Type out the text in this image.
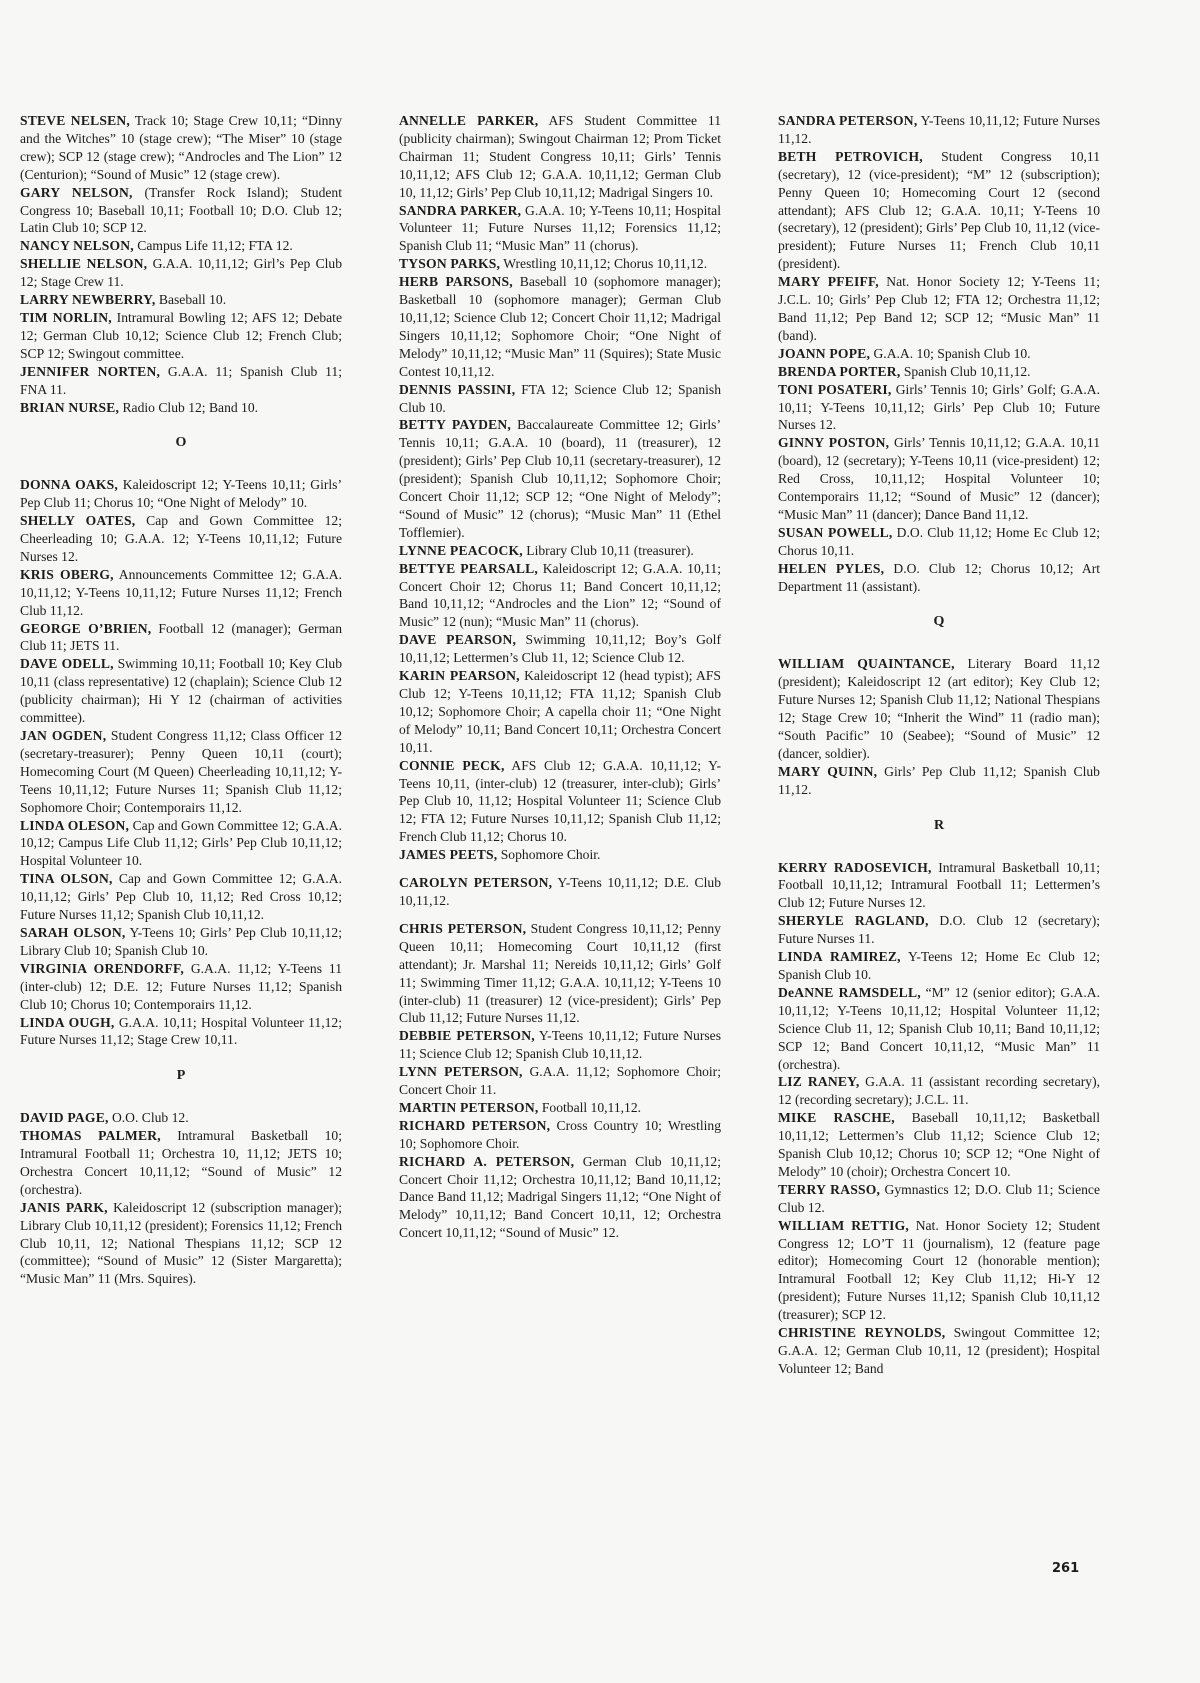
STEVE NELSEN, Track 10; Stage Crew 10,11; “Dinny and the Witches” 10 (stage crew); “The Miser” 10 (stage crew); SCP 12 (stage crew); “Androcles and The Lion” 12 (Centurion); “Sound of Music” 12 (stage crew).

GARY NELSON, (Transfer Rock Island); Student Congress 10; Baseball 10,11; Football 10; D.O. Club 12; Latin Club 10; SCP 12.

NANCY NELSON, Campus Life 11,12; FTA 12.

SHELLIE NELSON, G.A.A. 10,11,12; Girl’s Pep Club 12; Stage Crew 11.

LARRY NEWBERRY, Baseball 10.

TIM NORLIN, Intramural Bowling 12; AFS 12; Debate 12; German Club 10,12; Science Club 12; French Club; SCP 12; Swingout committee.

JENNIFER NORTEN, G.A.A. 11; Spanish Club 11; FNA 11.

BRIAN NURSE, Radio Club 12; Band 10.

O

DONNA OAKS, Kaleidoscript 12; Y-Teens 10,11; Girls’ Pep Club 11; Chorus 10; “One Night of Melody” 10.

SHELLY OATES, Cap and Gown Committee 12; Cheerleading 10; G.A.A. 12; Y-Teens 10,11,12; Future Nurses 12.

KRIS OBERG, Announcements Committee 12; G.A.A. 10,11,12; Y-Teens 10,11,12; Future Nurses 11,12; French Club 11,12.

GEORGE O’BRIEN, Football 12 (manager); German Club 11; JETS 11.

DAVE ODELL, Swimming 10,11; Football 10; Key Club 10,11 (class representative) 12 (chaplain); Science Club 12 (publicity chairman); Hi Y 12 (chairman of activities committee).

JAN OGDEN, Student Congress 11,12; Class Officer 12 (secretary-treasurer); Penny Queen 10,11 (court); Homecoming Court (M Queen) Cheerleading 10,11,12; Y-Teens 10,11,12; Future Nurses 11; Spanish Club 11,12; Sophomore Choir; Contemporairs 11,12.

LINDA OLESON, Cap and Gown Committee 12; G.A.A. 10,12; Campus Life Club 11,12; Girls’ Pep Club 10,11,12; Hospital Volunteer 10.

TINA OLSON, Cap and Gown Committee 12; G.A.A. 10,11,12; Girls’ Pep Club 10, 11,12; Red Cross 10,12; Future Nurses 11,12; Spanish Club 10,11,12.

SARAH OLSON, Y-Teens 10; Girls’ Pep Club 10,11,12; Library Club 10; Spanish Club 10.

VIRGINIA ORENDORFF, G.A.A. 11,12; Y-Teens 11 (inter-club) 12; D.E. 12; Future Nurses 11,12; Spanish Club 10; Chorus 10; Contemporairs 11,12.

LINDA OUGH, G.A.A. 10,11; Hospital Volunteer 11,12; Future Nurses 11,12; Stage Crew 10,11.

P

DAVID PAGE, O.O. Club 12.

THOMAS PALMER, Intramural Basketball 10; Intramural Football 11; Orchestra 10, 11,12; JETS 10; Orchestra Concert 10,11,12; “Sound of Music” 12 (orchestra).

JANIS PARK, Kaleidoscript 12 (subscription manager); Library Club 10,11,12 (president); Forensics 11,12; French Club 10,11, 12; National Thespians 11,12; SCP 12 (committee); “Sound of Music” 12 (Sister Margaretta); “Music Man” 11 (Mrs. Squires).

ANNELLE PARKER, AFS Student Committee 11 (publicity chairman); Swingout Chairman 12; Prom Ticket Chairman 11; Student Congress 10,11; Girls’ Tennis 10,11,12; AFS Club 12; G.A.A. 10,11,12; German Club 10, 11,12; Girls’ Pep Club 10,11,12; Madrigal Singers 10.

SANDRA PARKER, G.A.A. 10; Y-Teens 10,11; Hospital Volunteer 11; Future Nurses 11,12; Forensics 11,12; Spanish Club 11; “Music Man” 11 (chorus).

TYSON PARKS, Wrestling 10,11,12; Chorus 10,11,12.

HERB PARSONS, Baseball 10 (sophomore manager); Basketball 10 (sophomore manager); German Club 10,11,12; Science Club 12; Concert Choir 11,12; Madrigal Singers 10,11,12; Sophomore Choir; “One Night of Melody” 10,11,12; “Music Man” 11 (Squires); State Music Contest 10,11,12.

DENNIS PASSINI, FTA 12; Science Club 12; Spanish Club 10.

BETTY PAYDEN, Baccalaureate Committee 12; Girls’ Tennis 10,11; G.A.A. 10 (board), 11 (treasurer), 12 (president); Girls’ Pep Club 10,11 (secretary-treasurer), 12 (president); Spanish Club 10,11,12; Sophomore Choir; Concert Choir 11,12; SCP 12; “One Night of Melody”; “Sound of Music” 12 (chorus); “Music Man” 11 (Ethel Tofflemier).

LYNNE PEACOCK, Library Club 10,11 (treasurer).

BETTYE PEARSALL, Kaleidoscript 12; G.A.A. 10,11; Concert Choir 12; Chorus 11; Band Concert 10,11,12; Band 10,11,12; “Androcles and the Lion” 12; “Sound of Music” 12 (nun); “Music Man” 11 (chorus).

DAVE PEARSON, Swimming 10,11,12; Boy’s Golf 10,11,12; Lettermen’s Club 11, 12; Science Club 12.

KARIN PEARSON, Kaleidoscript 12 (head typist); AFS Club 12; Y-Teens 10,11,12; FTA 11,12; Spanish Club 10,12; Sophomore Choir; A capella choir 11; “One Night of Melody” 10,11; Band Concert 10,11; Orchestra Concert 10,11.

CONNIE PECK, AFS Club 12; G.A.A. 10,11,12; Y-Teens 10,11, (inter-club) 12 (treasurer, inter-club); Girls’ Pep Club 10, 11,12; Hospital Volunteer 11; Science Club 12; FTA 12; Future Nurses 10,11,12; Spanish Club 11,12; French Club 11,12; Chorus 10.

JAMES PEETS, Sophomore Choir.

CAROLYN PETERSON, Y-Teens 10,11,12; D.E. Club 10,11,12.

CHRIS PETERSON, Student Congress 10,11,12; Penny Queen 10,11; Homecoming Court 10,11,12 (first attendant); Jr. Marshal 11; Nereids 10,11,12; Girls’ Golf 11; Swimming Timer 11,12; G.A.A. 10,11,12; Y-Teens 10 (inter-club) 11 (treasurer) 12 (vice-president); Girls’ Pep Club 11,12; Future Nurses 11,12.

DEBBIE PETERSON, Y-Teens 10,11,12; Future Nurses 11; Science Club 12; Spanish Club 10,11,12.

LYNN PETERSON, G.A.A. 11,12; Sophomore Choir; Concert Choir 11.

MARTIN PETERSON, Football 10,11,12.

RICHARD PETERSON, Cross Country 10; Wrestling 10; Sophomore Choir.

RICHARD A. PETERSON, German Club 10,11,12; Concert Choir 11,12; Orchestra 10,11,12; Band 10,11,12; Dance Band 11,12; Madrigal Singers 11,12; “One Night of Melody” 10,11,12; Band Concert 10,11, 12; Orchestra Concert 10,11,12; “Sound of Music” 12.

SANDRA PETERSON, Y-Teens 10,11,12; Future Nurses 11,12.

BETH PETROVICH, Student Congress 10,11 (secretary), 12 (vice-president); “M” 12 (subscription); Penny Queen 10; Homecoming Court 12 (second attendant); AFS Club 12; G.A.A. 10,11; Y-Teens 10 (secretary), 12 (president); Girls’ Pep Club 10, 11,12 (vice-president); Future Nurses 11; French Club 10,11 (president).

MARY PFEIFF, Nat. Honor Society 12; Y-Teens 11; J.C.L. 10; Girls’ Pep Club 12; FTA 12; Orchestra 11,12; Band 11,12; Pep Band 12; SCP 12; “Music Man” 11 (band).

JOANN POPE, G.A.A. 10; Spanish Club 10.

BRENDA PORTER, Spanish Club 10,11,12.

TONI POSATERI, Girls’ Tennis 10; Girls’ Golf; G.A.A. 10,11; Y-Teens 10,11,12; Girls’ Pep Club 10; Future Nurses 12.

GINNY POSTON, Girls’ Tennis 10,11,12; G.A.A. 10,11 (board), 12 (secretary); Y-Teens 10,11 (vice-president) 12; Red Cross, 10,11,12; Hospital Volunteer 10; Contemporairs 11,12; “Sound of Music” 12 (dancer); “Music Man” 11 (dancer); Dance Band 11,12.

SUSAN POWELL, D.O. Club 11,12; Home Ec Club 12; Chorus 10,11.

HELEN PYLES, D.O. Club 12; Chorus 10,12; Art Department 11 (assistant).

Q

WILLIAM QUAINTANCE, Literary Board 11,12 (president); Kaleidoscript 12 (art editor); Key Club 12; Future Nurses 12; Spanish Club 11,12; National Thespians 12; Stage Crew 10; “Inherit the Wind” 11 (radio man); “South Pacific” 10 (Seabee); “Sound of Music” 12 (dancer, soldier).

MARY QUINN, Girls’ Pep Club 11,12; Spanish Club 11,12.

R

KERRY RADOSEVICH, Intramural Basketball 10,11; Football 10,11,12; Intramural Football 11; Lettermen’s Club 12; Future Nurses 12.

SHERYLE RAGLAND, D.O. Club 12 (secretary); Future Nurses 11.

LINDA RAMIREZ, Y-Teens 12; Home Ec Club 12; Spanish Club 10.

DeANNE RAMSDELL, “M” 12 (senior editor); G.A.A. 10,11,12; Y-Teens 10,11,12; Hospital Volunteer 11,12; Science Club 11, 12; Spanish Club 10,11; Band 10,11,12; SCP 12; Band Concert 10,11,12, “Music Man” 11 (orchestra).

LIZ RANEY, G.A.A. 11 (assistant recording secretary), 12 (recording secretary); J.C.L. 11.

MIKE RASCHE, Baseball 10,11,12; Basketball 10,11,12; Lettermen’s Club 11,12; Science Club 12; Spanish Club 10,12; Chorus 10; SCP 12; “One Night of Melody” 10 (choir); Orchestra Concert 10.

TERRY RASSO, Gymnastics 12; D.O. Club 11; Science Club 12.

WILLIAM RETTIG, Nat. Honor Society 12; Student Congress 12; LO’T 11 (journalism), 12 (feature page editor); Homecoming Court 12 (honorable mention); Intramural Football 12; Key Club 11,12; Hi-Y 12 (president); Future Nurses 11,12; Spanish Club 10,11,12 (treasurer); SCP 12.

CHRISTINE REYNOLDS, Swingout Committee 12; G.A.A. 12; German Club 10,11, 12 (president); Hospital Volunteer 12; Band

261
